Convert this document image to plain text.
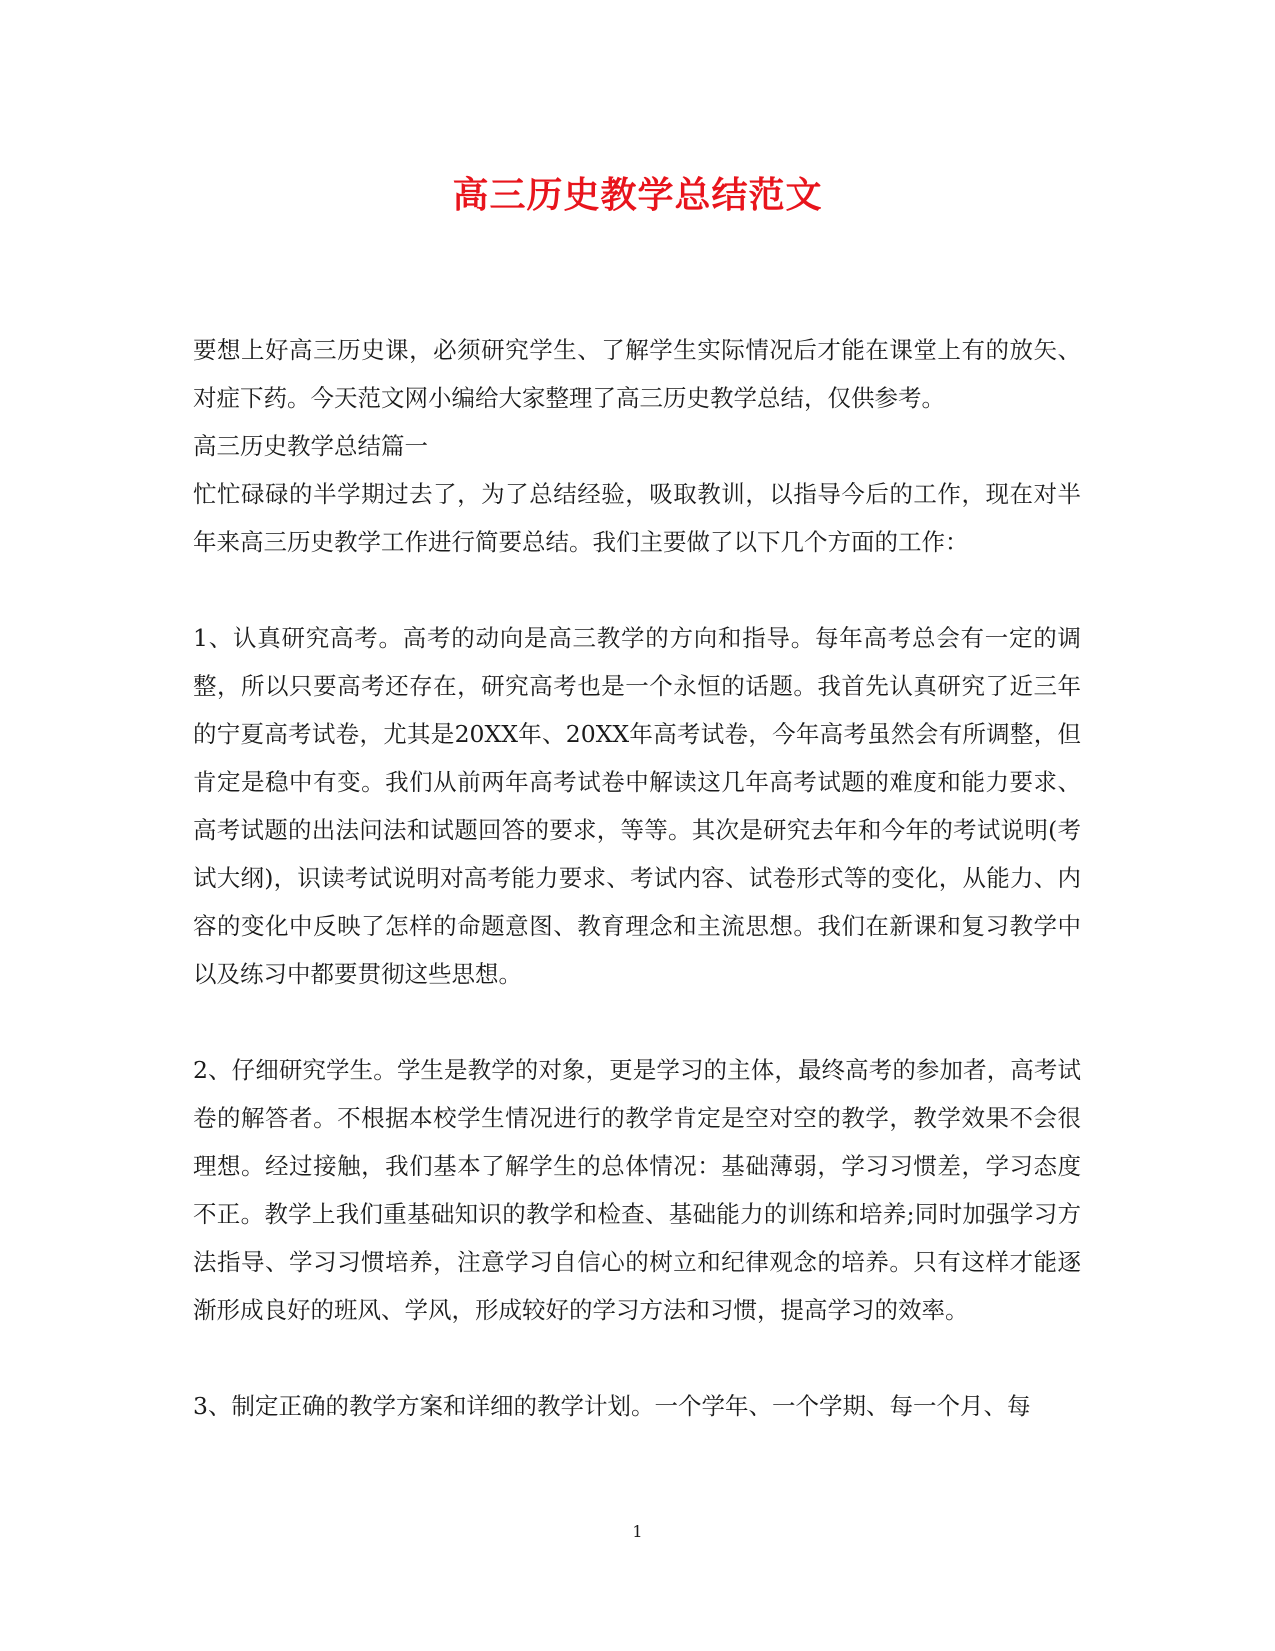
高三历史教学总结范文

要想上好高三历史课，必须研究学生、了解学生实际情况后才能在课堂上有的放矢、对症下药。今天范文网小编给大家整理了高三历史教学总结，仅供参考。

高三历史教学总结篇一

忙忙碌碌的半学期过去了，为了总结经验，吸取教训，以指导今后的工作，现在对半年来高三历史教学工作进行简要总结。我们主要做了以下几个方面的工作：

1、认真研究高考。高考的动向是高三教学的方向和指导。每年高考总会有一定的调整，所以只要高考还存在，研究高考也是一个永恒的话题。我首先认真研究了近三年的宁夏高考试卷，尤其是20XX年、20XX年高考试卷，今年高考虽然会有所调整，但肯定是稳中有变。我们从前两年高考试卷中解读这几年高考试题的难度和能力要求、高考试题的出法问法和试题回答的要求，等等。其次是研究去年和今年的考试说明(考试大纲)，识读考试说明对高考能力要求、考试内容、试卷形式等的变化，从能力、内容的变化中反映了怎样的命题意图、教育理念和主流思想。我们在新课和复习教学中以及练习中都要贯彻这些思想。

2、仔细研究学生。学生是教学的对象，更是学习的主体，最终高考的参加者，高考试卷的解答者。不根据本校学生情况进行的教学肯定是空对空的教学，教学效果不会很理想。经过接触，我们基本了解学生的总体情况：基础薄弱，学习习惯差，学习态度不正。教学上我们重基础知识的教学和检查、基础能力的训练和培养;同时加强学习方法指导、学习习惯培养，注意学习自信心的树立和纪律观念的培养。只有这样才能逐渐形成良好的班风、学风，形成较好的学习方法和习惯，提高学习的效率。

3、制定正确的教学方案和详细的教学计划。一个学年、一个学期、每一个月、每

1
